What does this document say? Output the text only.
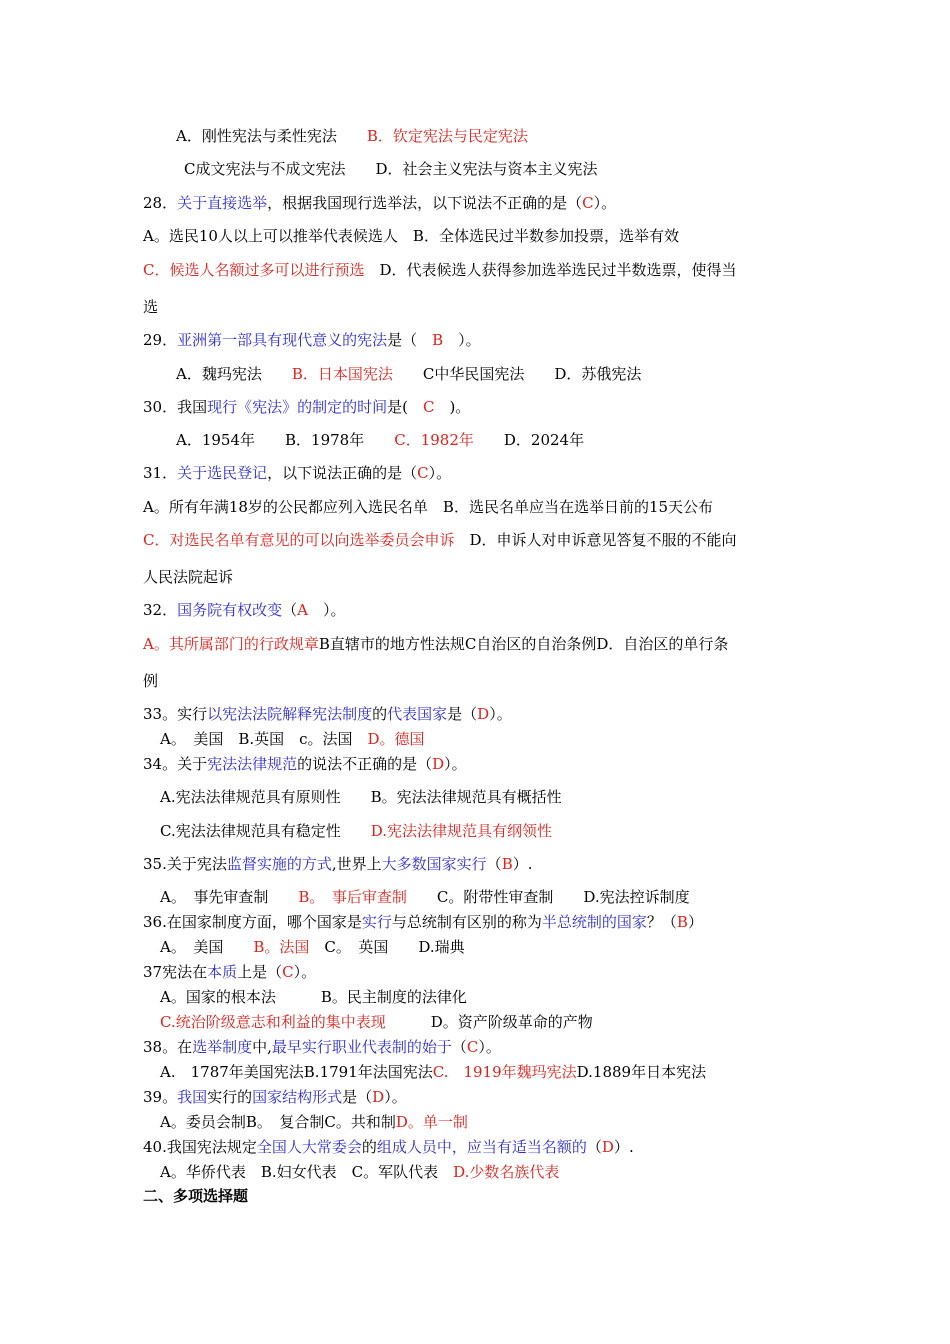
A．刚性宪法与柔性宪法　　B．钦定宪法与民定宪法
C成文宪法与不成文宪法　　D．社会主义宪法与资本主义宪法
28．关于直接选举，根据我国现行选举法，以下说法不正确的是（C）。
A。选民10人以上可以推举代表候选人　B．全体选民过半数参加投票，选举有效
C．候选人名额过多可以进行预选　D．代表候选人获得参加选举选民过半数选票，使得当
选
29．亚洲第一部具有现代意义的宪法是（　B　）。
A．魏玛宪法　　B．日本国宪法　　C中华民国宪法　　D．苏俄宪法
30．我国现行《宪法》的制定的时间是(　C　)。
A．1954年　　B．1978年　　C．1982年　　D．2024年
31．关于选民登记，以下说法正确的是（C）。
A。所有年满18岁的公民都应列入选民名单　B．选民名单应当在选举日前的15天公布
C．对选民名单有意见的可以向选举委员会申诉　D．申诉人对申诉意见答复不服的不能向
人民法院起诉
32．国务院有权改变（A　）。
A。其所属部门的行政规章B直辖市的地方性法规C自治区的自治条例D．自治区的单行条
例
33。实行以宪法法院解释宪法制度的代表国家是（D）。
A。　美国　B.英国　c。法国　D。德国
34。关于宪法法律规范的说法不正确的是（D）。
A.宪法法律规范具有原则性　　B。宪法法律规范具有概括性
C.宪法法律规范具有稳定性　　D.宪法法律规范具有纲领性
35.关于宪法监督实施的方式,世界上大多数国家实行（B）.
A。　事先审查制　　B。　事后审查制　　C。附带性审查制　　D.宪法控诉制度
36.在国家制度方面，哪个国家是实行与总统制有区别的称为半总统制的国家？（B）
A。　美国　　B。法国　C。　英国　　D.瑞典
37宪法在本质上是（C）。
A。国家的根本法　　　B。民主制度的法律化
C.统治阶级意志和利益的集中表现　　　D。资产阶级革命的产物
38。在选举制度中,最早实行职业代表制的始于（C）。
A.　1787年美国宪法B.1791年法国宪法C.　1919年魏玛宪法D.1889年日本宪法
39。我国实行的国家结构形式是（D）。
A。委员会制B。　复合制C。共和制D。单一制
40.我国宪法规定全国人大常委会的组成人员中，应当有适当名额的（D）.
A。华侨代表　B.妇女代表　C。军队代表　D.少数名族代表
二、多项选择题
